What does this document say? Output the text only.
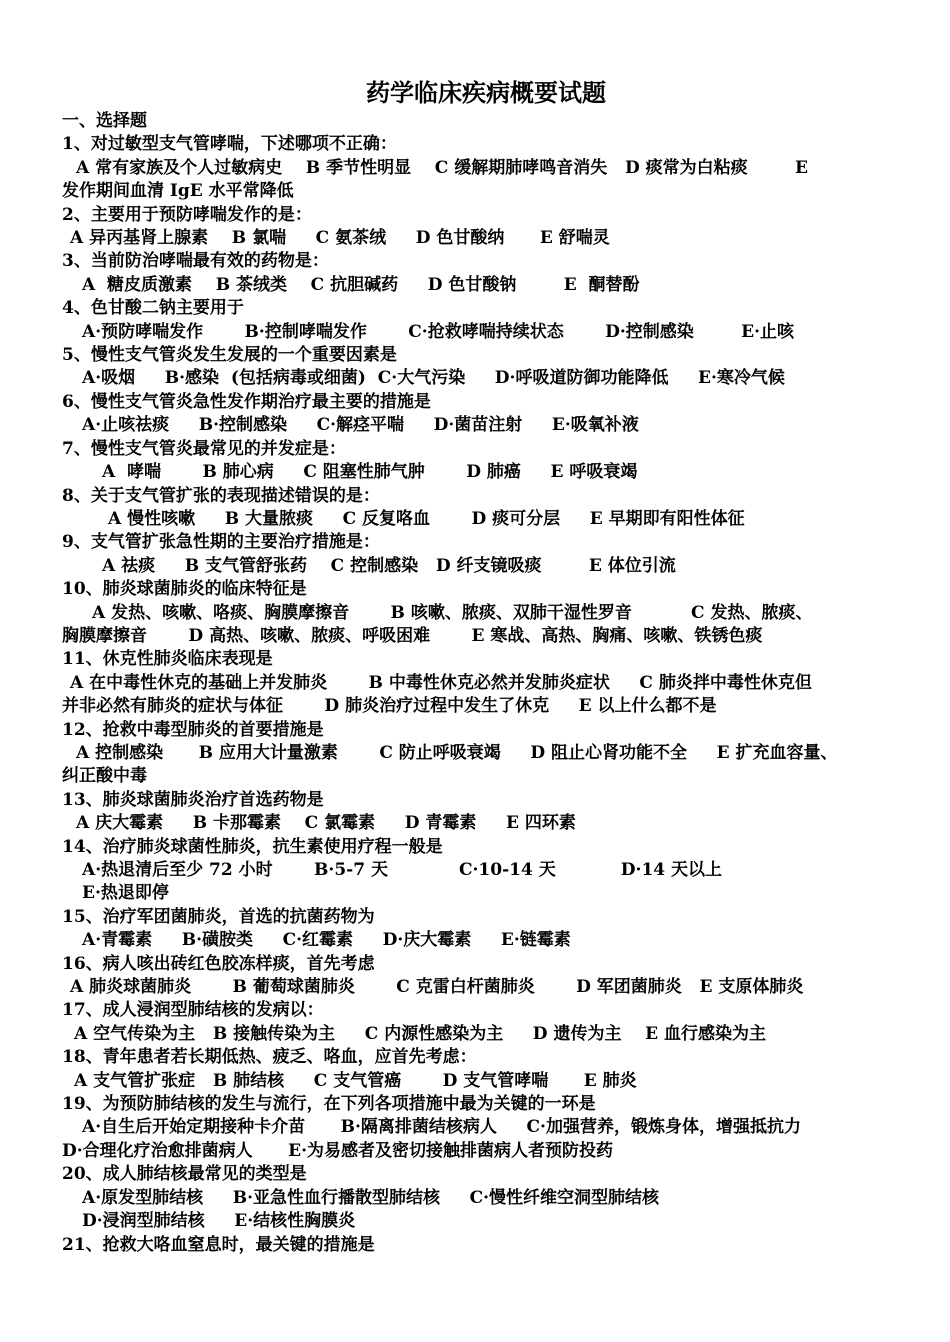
药学临床疾病概要试题
一、选择题
1、对过敏型支气管哮喘，下述哪项不正确：
A 常有家族及个人过敏病史    B 季节性明显    C 缓解期肺哮鸣音消失   D 痰常为白粘痰        E
发作期间血清 IgE 水平常降低
2、主要用于预防哮喘发作的是：
A 异丙基肾上腺素    B 氯喘     C 氨茶绒     D 色甘酸纳      E 舒喘灵
3、当前防治哮喘最有效的药物是：
A  糖皮质激素    B 茶绒类    C 抗胆碱药     D 色甘酸钠        E  酮替酚
4、色甘酸二钠主要用于
A·预防哮喘发作       B·控制哮喘发作       C·抢救哮喘持续状态       D·控制感染        E·止咳
5、慢性支气管炎发生发展的一个重要因素是
A·吸烟     B·感染  (包括病毒或细菌)  C·大气污染     D·呼吸道防御功能降低     E·寒冷气候
6、慢性支气管炎急性发作期治疗最主要的措施是
A·止咳祛痰     B·控制感染     C·解痉平喘     D·菌苗注射     E·吸氧补液
7、慢性支气管炎最常见的并发症是：
A  哮喘       B 肺心病     C 阻塞性肺气肿       D 肺癌     E 呼吸衰竭
8、关于支气管扩张的表现描述错误的是：
A 慢性咳嗽     B 大量脓痰     C 反复咯血       D 痰可分层     E 早期即有阳性体征
9、支气管扩张急性期的主要治疗措施是：
A 祛痰     B 支气管舒张药    C 控制感染   D 纤支镜吸痰        E 体位引流
10、肺炎球菌肺炎的临床特征是
A 发热、咳嗽、咯痰、胸膜摩擦音       B 咳嗽、脓痰、双肺干湿性罗音          C 发热、脓痰、
胸膜摩擦音       D 高热、咳嗽、脓痰、呼吸困难       E 寒战、高热、胸痛、咳嗽、铁锈色痰
11、休克性肺炎临床表现是
A 在中毒性休克的基础上并发肺炎       B 中毒性休克必然并发肺炎症状     C 肺炎拌中毒性休克但
并非必然有肺炎的症状与体征       D 肺炎治疗过程中发生了休克     E 以上什么都不是
12、抢救中毒型肺炎的首要措施是
A 控制感染      B 应用大计量激素       C 防止呼吸衰竭     D 阻止心肾功能不全     E 扩充血容量、
纠正酸中毒
13、肺炎球菌肺炎治疗首选药物是
A 庆大霉素     B 卡那霉素    C 氯霉素     D 青霉素     E 四环素
14、治疗肺炎球菌性肺炎，抗生素使用疗程一般是
A·热退清后至少 72 小时       B·5-7 天            C·10-14 天           D·14 天以上
E·热退即停
15、治疗军团菌肺炎，首选的抗菌药物为
A·青霉素     B·磺胺类     C·红霉素     D·庆大霉素     E·链霉素
16、病人咳出砖红色胶冻样痰，首先考虑
A 肺炎球菌肺炎       B 葡萄球菌肺炎       C 克雷白杆菌肺炎       D 军团菌肺炎   E 支原体肺炎
17、成人浸润型肺结核的发病以：
A 空气传染为主   B 接触传染为主     C 内源性感染为主     D 遗传为主    E 血行感染为主
18、青年患者若长期低热、疲乏、咯血，应首先考虑：
A 支气管扩张症   B 肺结核     C 支气管癌       D 支气管哮喘      E 肺炎
19、为预防肺结核的发生与流行，在下列各项措施中最为关键的一环是
A·自生后开始定期接种卡介苗      B·隔离排菌结核病人     C·加强营养，锻炼身体，增强抵抗力
D·合理化疗治愈排菌病人      E·为易感者及密切接触排菌病人者预防投药
20、成人肺结核最常见的类型是
A·原发型肺结核     B·亚急性血行播散型肺结核     C·慢性纤维空洞型肺结核
D·浸润型肺结核     E·结核性胸膜炎
21、抢救大咯血窒息时，最关键的措施是
